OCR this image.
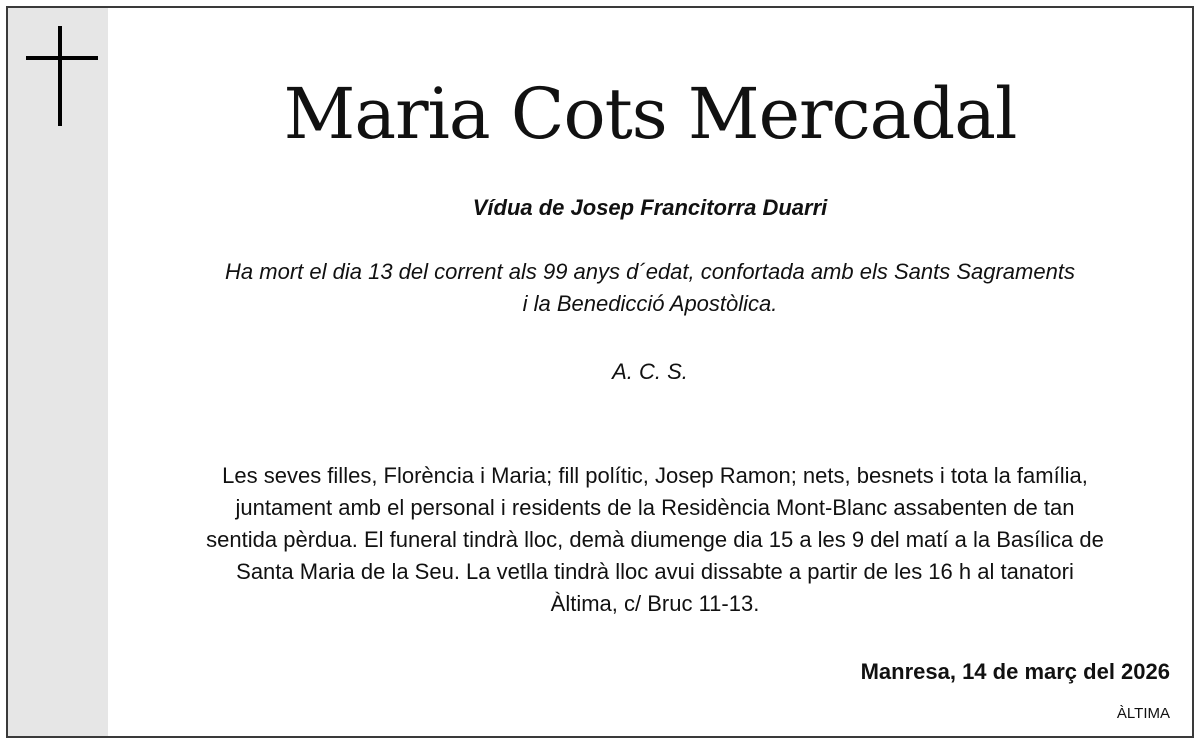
Maria Cots Mercadal
Vídua de Josep Francitorra Duarri
Ha mort el dia 13 del corrent als 99 anys d´edat, confortada amb els Sants Sagraments
i la Benedicció Apostòlica.
A. C. S.
Les seves filles, Florència i Maria; fill polític, Josep Ramon; nets, besnets i tota la família,
juntament amb el personal i residents de la Residència Mont-Blanc assabenten de tan
sentida pèrdua. El funeral tindrà lloc, demà diumenge dia 15 a les 9 del matí a la Basílica de
Santa Maria de la Seu. La vetlla tindrà lloc avui dissabte a partir de les 16 h al tanatori
Àltima, c/ Bruc 11-13.
Manresa, 14 de març del 2026
ÀLTIMA
